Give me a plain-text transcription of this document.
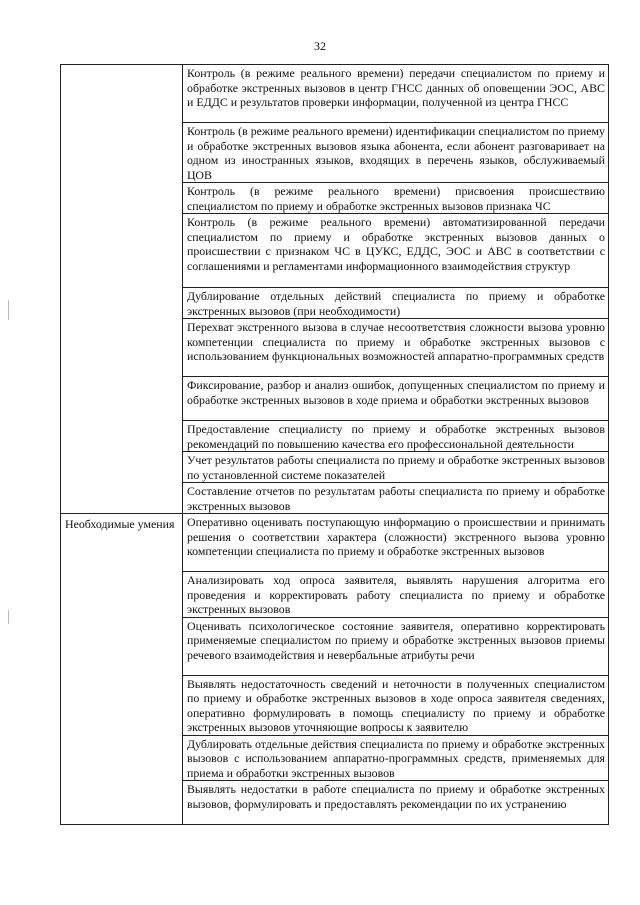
32
	Контроль (в режиме реального времени) передачи специалистом по приему и обработке экстренных вызовов в центр ГНСС данных об оповещении ЭОС, АВС и ЕДДС и результатов проверки информации, полученной из центра ГНСС
	Контроль (в режиме реального времени) идентификации специалистом по приему и обработке экстренных вызовов языка абонента, если абонент разговаривает на одном из иностранных языков, входящих в перечень языков, обслуживаемый ЦОВ
	Контроль (в режиме реального времени) присвоения происшествию специалистом по приему и обработке экстренных вызовов признака ЧС
	Контроль (в режиме реального времени) автоматизированной передачи специалистом по приему и обработке экстренных вызовов данных о происшествии с признаком ЧС в ЦУКС, ЕДДС, ЭОС и АВС в соответствии с соглашениями и регламентами информационного взаимодействия структур
	Дублирование отдельных действий специалиста по приему и обработке экстренных вызовов (при необходимости)
	Перехват экстренного вызова в случае несоответствия сложности вызова уровню компетенции специалиста по приему и обработке экстренных вызовов с использованием функциональных возможностей аппаратно-программных средств
	Фиксирование, разбор и анализ ошибок, допущенных специалистом по приему и обработке экстренных вызовов в ходе приема и обработки экстренных вызовов
	Предоставление специалисту по приему и обработке экстренных вызовов рекомендаций по повышению качества его профессиональной деятельности
	Учет результатов работы специалиста по приему и обработке экстренных вызовов по установленной системе показателей
	Составление отчетов по результатам работы специалиста по приему и обработке экстренных вызовов
Необходимые умения	Оперативно оценивать поступающую информацию о происшествии и принимать решения о соответствии характера (сложности) экстренного вызова уровню компетенции специалиста по приему и обработке экстренных вызовов
	Анализировать ход опроса заявителя, выявлять нарушения алгоритма его проведения и корректировать работу специалиста по приему и обработке экстренных вызовов
	Оценивать психологическое состояние заявителя, оперативно корректировать применяемые специалистом по приему и обработке экстренных вызовов приемы речевого взаимодействия и невербальные атрибуты речи
	Выявлять недостаточность сведений и неточности в полученных специалистом по приему и обработке экстренных вызовов в ходе опроса заявителя сведениях, оперативно формулировать в помощь специалисту по приему и обработке экстренных вызовов уточняющие вопросы к заявителю
	Дублировать отдельные действия специалиста по приему и обработке экстренных вызовов с использованием аппаратно-программных средств, применяемых для приема и обработки экстренных вызовов
	Выявлять недостатки в работе специалиста по приему и обработке экстренных вызовов, формулировать и предоставлять рекомендации по их устранению
